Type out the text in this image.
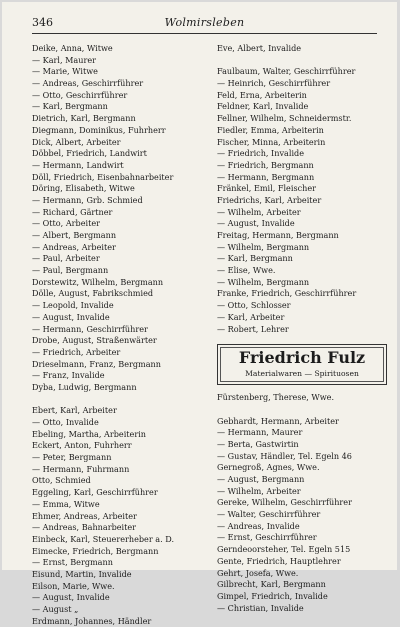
346	Wolmirsleben
Deike, Anna, Witwe
— Karl, Maurer
— Marie, Witwe
— Andreas, Geschirrführer
— Otto, Geschirrführer
— Karl, Bergmann
Dietrich, Karl, Bergmann
Diegmann, Dominikus, Fuhrherr
Dick, Albert, Arbeiter
Döbbel, Friedrich, Landwirt
— Hermann, Landwirt
Döll, Friedrich, Eisenbahnarbeiter
Döring, Elisabeth, Witwe
— Hermann, Grb. Schmied
— Richard, Gärtner
— Otto, Arbeiter
— Albert, Bergmann
— Andreas, Arbeiter
— Paul, Arbeiter
— Paul, Bergmann
Dorstewitz, Wilhelm, Bergmann
Dölle, August, Fabrikschmied
— Leopold, Invalide
— August, Invalide
— Hermann, Geschirrführer
Drobe, August, Straßenwärter
— Friedrich, Arbeiter
Drieselmann, Franz, Bergmann
— Franz, Invalide
Dyba, Ludwig, Bergmann
Ebert, Karl, Arbeiter
— Otto, Invalide
Ebeling, Martha, Arbeiterin
Eckert, Anton, Fuhrherr
— Peter, Bergmann
— Hermann, Fuhrmann
Otto, Schmied
Eggeling, Karl, Geschirrführer
— Emma, Witwe
Ehmer, Andreas, Arbeiter
— Andreas, Bahnarbeiter
Einbeck, Karl, Steuererheber a. D.
Eimecke, Friedrich, Bergmann
— Ernst, Bergmann
Eisund, Martin, Invalide
Eilson, Marie, Wwe.
— August, Invalide
— August „
Erdmann, Johannes, Händler
Eve, Albert, Invalide
Faulbaum, Walter, Geschirrführer
— Heinrich, Geschirrführer
Feld, Erna, Arbeiterin
Feldner, Karl, Invalide
Fellner, Wilhelm, Schneidermstr.
Fiedler, Emma, Arbeiterin
Fischer, Minna, Arbeiterin
— Friedrich, Invalide
— Friedrich, Bergmann
— Hermann, Bergmann
Fränkel, Emil, Fleischer
Friedrichs, Karl, Arbeiter
— Wilhelm, Arbeiter
— August, Invalide
Freitag, Hermann, Bergmann
— Wilhelm, Bergmann
— Karl, Bergmann
— Elise, Wwe.
— Wilhelm, Bergmann
Franke, Friedrich, Geschirrführer
— Otto, Schlosser
— Karl, Arbeiter
— Robert, Lehrer
Friedrich Fulz
Materialwaren — Spirituosen
Fürstenberg, Therese, Wwe.
Gebhardt, Hermann, Arbeiter
— Hermann, Maurer
— Berta, Gastwirtin
— Gustav, Händler, Tel. Egeln 46
Gernegroß, Agnes, Wwe.
— August, Bergmann
— Wilhelm, Arbeiter
Gereke, Wilhelm, Geschirrführer
— Walter, Geschirrführer
— Andreas, Invalide
— Ernst, Geschirrführer
Gerndeoorsteher, Tel. Egeln 515
Gente, Friedrich, Hauptlehrer
Gehrt, Josefa, Wwe.
Gilbrecht, Karl, Bergmann
Gimpel, Friedrich, Invalide
— Christian, Invalide
